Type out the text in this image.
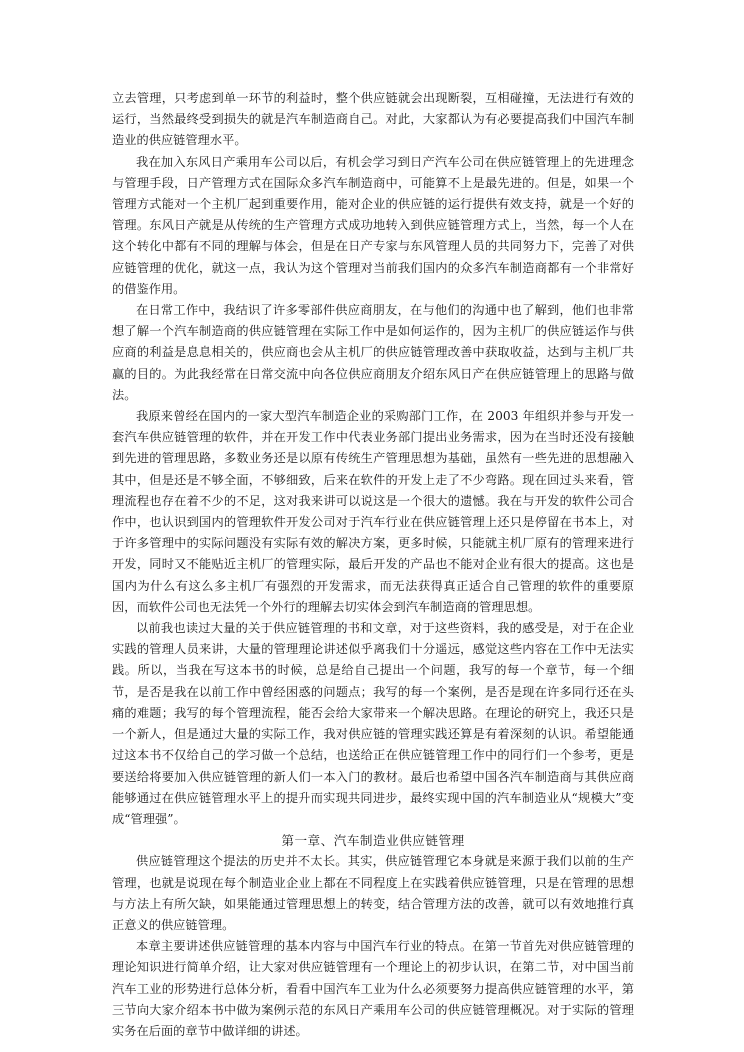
立去管理，只考虑到单一环节的利益时，整个供应链就会出现断裂，互相碰撞，无法进行有效的运行，当然最终受到损失的就是汽车制造商自己。对此，大家都认为有必要提高我们中国汽车制造业的供应链管理水平。

我在加入东风日产乘用车公司以后，有机会学习到日产汽车公司在供应链管理上的先进理念与管理手段，日产管理方式在国际众多汽车制造商中，可能算不上是最先进的。但是，如果一个管理方式能对一个主机厂起到重要作用，能对企业的供应链的运行提供有效支持，就是一个好的管理。东风日产就是从传统的生产管理方式成功地转入到供应链管理方式上，当然，每一个人在这个转化中都有不同的理解与体会，但是在日产专家与东风管理人员的共同努力下，完善了对供应链管理的优化，就这一点，我认为这个管理对当前我们国内的众多汽车制造商都有一个非常好的借鉴作用。

在日常工作中，我结识了许多零部件供应商朋友，在与他们的沟通中也了解到，他们也非常想了解一个汽车制造商的供应链管理在实际工作中是如何运作的，因为主机厂的供应链运作与供应商的利益是息息相关的，供应商也会从主机厂的供应链管理改善中获取收益，达到与主机厂共赢的目的。为此我经常在日常交流中向各位供应商朋友介绍东风日产在供应链管理上的思路与做法。

我原来曾经在国内的一家大型汽车制造企业的采购部门工作，在 2003 年组织并参与开发一套汽车供应链管理的软件，并在开发工作中代表业务部门提出业务需求，因为在当时还没有接触到先进的管理思路，多数业务还是以原有传统生产管理思想为基础，虽然有一些先进的思想融入其中，但是还是不够全面，不够细致，后来在软件的开发上走了不少弯路。现在回过头来看，管理流程也存在着不少的不足，这对我来讲可以说这是一个很大的遗憾。我在与开发的软件公司合作中，也认识到国内的管理软件开发公司对于汽车行业在供应链管理上还只是停留在书本上，对于许多管理中的实际问题没有实际有效的解决方案，更多时候，只能就主机厂原有的管理来进行开发，同时又不能贴近主机厂的管理实际，最后开发的产品也不能对企业有很大的提高。这也是国内为什么有这么多主机厂有强烈的开发需求，而无法获得真正适合自己管理的软件的重要原因，而软件公司也无法凭一个外行的理解去切实体会到汽车制造商的管理思想。

以前我也读过大量的关于供应链管理的书和文章，对于这些资料，我的感受是，对于在企业实践的管理人员来讲，大量的管理理论讲述似乎离我们十分遥远，感觉这些内容在工作中无法实践。所以，当我在写这本书的时候，总是给自己提出一个问题，我写的每一个章节，每一个细节，是否是我在以前工作中曾经困惑的问题点；我写的每一个案例，是否是现在许多同行还在头痛的难题；我写的每个管理流程，能否会给大家带来一个解决思路。在理论的研究上，我还只是一个新人，但是通过大量的实际工作，我对供应链的管理实践还算是有着深刻的认识。希望能通过这本书不仅给自己的学习做一个总结，也送给正在供应链管理工作中的同行们一个参考，更是要送给将要加入供应链管理的新人们一本入门的教材。最后也希望中国各汽车制造商与其供应商能够通过在供应链管理水平上的提升而实现共同进步，最终实现中国的汽车制造业从“规模大”变成“管理强”。

第一章、汽车制造业供应链管理

供应链管理这个提法的历史并不太长。其实，供应链管理它本身就是来源于我们以前的生产管理，也就是说现在每个制造业企业上都在不同程度上在实践着供应链管理，只是在管理的思想与方法上有所欠缺，如果能通过管理思想上的转变，结合管理方法的改善，就可以有效地推行真正意义的供应链管理。

本章主要讲述供应链管理的基本内容与中国汽车行业的特点。在第一节首先对供应链管理的理论知识进行简单介绍，让大家对供应链管理有一个理论上的初步认识，在第二节，对中国当前汽车工业的形势进行总体分析，看看中国汽车工业为什么必须要努力提高供应链管理的水平，第三节向大家介绍本书中做为案例示范的东风日产乘用车公司的供应链管理概况。对于实际的管理实务在后面的章节中做详细的讲述。
